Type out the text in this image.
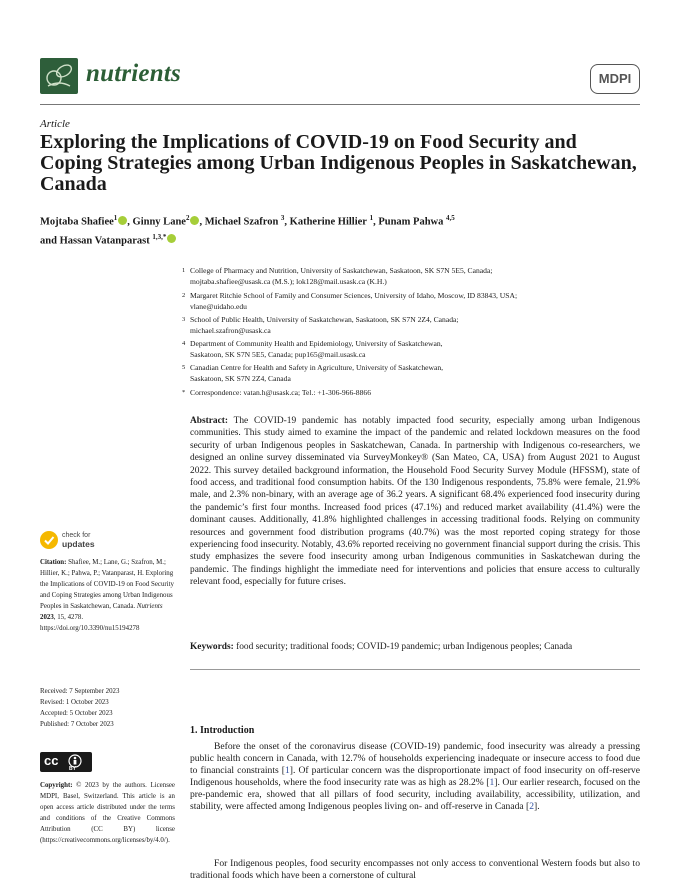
nutrients	MDPI
Article
Exploring the Implications of COVID-19 on Food Security and Coping Strategies among Urban Indigenous Peoples in Saskatchewan, Canada
Mojtaba Shafiee$^1$ , Ginny Lane$^2$ , Michael Szafron $^3$, Katherine Hillier $^1$, Punam Pahwa $^{4,5}$
and Hassan Vatanparast $^{1,3,*}$
1 College of Pharmacy and Nutrition, University of Saskatchewan, Saskatoon, SK S7N 5E5, Canada;
mojtaba.shafiee@usask.ca (M.S.); lok128@mail.usask.ca (K.H.)
2 Margaret Ritchie School of Family and Consumer Sciences, University of Idaho, Moscow, ID 83843, USA;
vlane@uidaho.edu
3 School of Public Health, University of Saskatchewan, Saskatoon, SK S7N 2Z4, Canada;
michael.szafron@usask.ca
4 Department of Community Health and Epidemiology, University of Saskatchewan,
Saskatoon, SK S7N 5E5, Canada; pup165@mail.usask.ca
5 Canadian Centre for Health and Safety in Agriculture, University of Saskatchewan,
Saskatoon, SK S7N 2Z4, Canada
* Correspondence: vatan.h@usask.ca; Tel.: +1-306-966-8866
Abstract: The COVID-19 pandemic has notably impacted food security, especially among urban Indigenous communities. This study aimed to examine the impact of the pandemic and related lockdown measures on the food security of urban Indigenous peoples in Saskatchewan, Canada. In partnership with Indigenous co-researchers, we designed an online survey disseminated via SurveyMonkey® (San Mateo, CA, USA) from August 2021 to August 2022. This survey detailed background information, the Household Food Security Survey Module (HFSSM), state of food access, and traditional food consumption habits. Of the 130 Indigenous respondents, 75.8% were female, 21.9% male, and 2.3% non-binary, with an average age of 36.2 years. A significant 68.4% experienced food insecurity during the pandemic’s first four months. Increased food prices (47.1%) and reduced market availability (41.4%) were the dominant causes. Additionally, 41.8% highlighted challenges in accessing traditional foods. Relying on community resources and government food distribution programs (40.7%) was the most reported coping strategy for those experiencing food insecurity. Notably, 43.6% reported receiving no government financial support during the crisis. This study emphasizes the severe food insecurity among urban Indigenous communities in Saskatchewan during the pandemic. The findings highlight the immediate need for interventions and policies that ensure access to culturally relevant food, especially for future crises.
Keywords: food security; traditional foods; COVID-19 pandemic; urban Indigenous peoples; Canada
1. Introduction
Before the onset of the coronavirus disease (COVID-19) pandemic, food insecurity was already a pressing public health concern in Canada, with 12.7% of households experiencing inadequate or insecure access to food due to financial constraints [1]. Of particular concern was the disproportionate impact of food insecurity on off-reserve Indigenous households, where the food insecurity rate was as high as 28.2% [1]. Our earlier research, focused on the pre-pandemic era, showed that all pillars of food security, including availability, accessibility, utilization, and stability, were affected among Indigenous peoples living on- and off-reserve in Canada [2].
For Indigenous peoples, food security encompasses not only access to conventional Western foods but also to traditional foods which have been a cornerstone of cultural
check for
updates
Citation: Shafiee, M.; Lane, G.; Szafron, M.; Hillier, K.; Pahwa, P.; Vatanparast, H. Exploring the Implications of COVID-19 on Food Security and Coping Strategies among Urban Indigenous Peoples in Saskatchewan, Canada. Nutrients 2023, 15, 4278. https://doi.org/10.3390/nu15194278
Received: 7 September 2023
Revised: 1 October 2023
Accepted: 5 October 2023
Published: 7 October 2023
cc
BY
Copyright: © 2023 by the authors. Licensee MDPI, Basel, Switzerland. This article is an open access article distributed under the terms and conditions of the Creative Commons Attribution (CC BY) license (https://creativecommons.org/licenses/by/4.0/).
